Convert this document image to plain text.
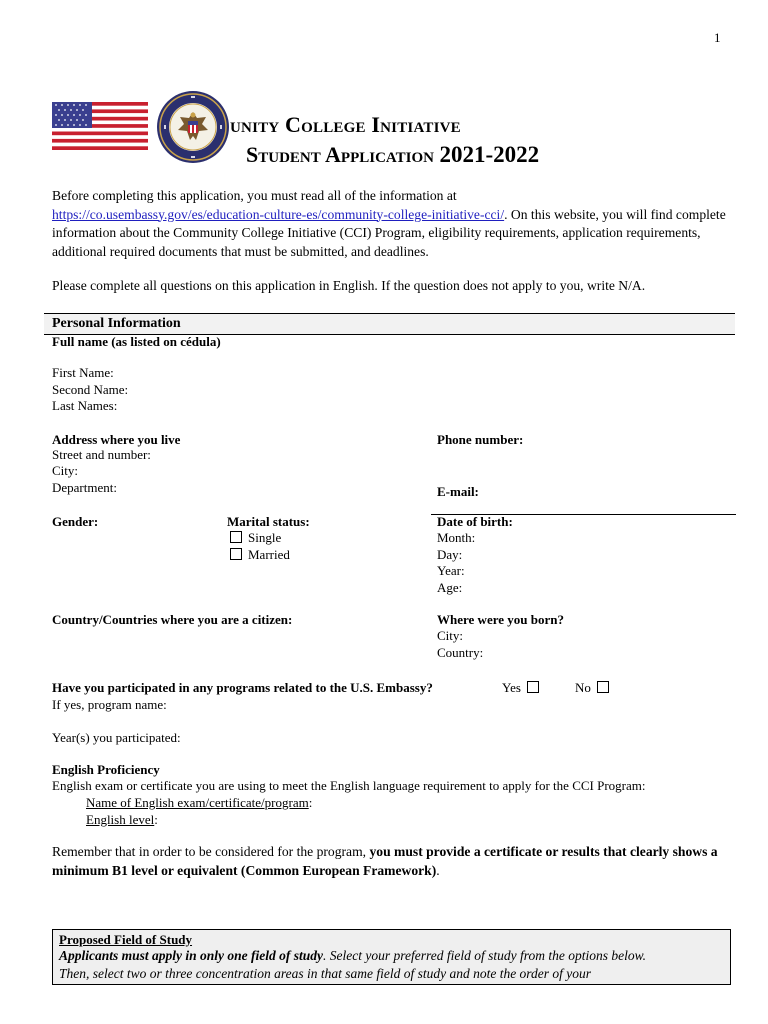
1
unity College Initiative
Student Application 2021-2022
Before completing this application, you must read all of the information at
https://co.usembassy.gov/es/education-culture-es/community-college-initiative-cci/. On this website, you will find complete information about the Community College Initiative (CCI) Program, eligibility requirements, application requirements, additional required documents that must be submitted, and deadlines.
Please complete all questions on this application in English. If the question does not apply to you, write N/A.
Personal Information
Full name (as listed on cédula)
First Name:
Second Name:
Last Names:
Address where you live
Street and number:
City:
Department:
Phone number:
E-mail:
Gender:	Marital status:
Single
Married
Date of birth:
Month:
Day:
Year:
Age:
Country/Countries where you are a citizen:	Where were you born?
City:
Country:
Have you participated in any programs related to the U.S. Embassy?	Yes	No
If yes, program name:
Year(s) you participated:
English Proficiency
English exam or certificate you are using to meet the English language requirement to apply for the CCI Program:
Name of English exam/certificate/program:
English level:
Remember that in order to be considered for the program, you must provide a certificate or results that clearly shows a minimum B1 level or equivalent (Common European Framework).
Proposed Field of Study
Applicants must apply in only one field of study. Select your preferred field of study from the options below.
Then, select two or three concentration areas in that same field of study and note the order of your
